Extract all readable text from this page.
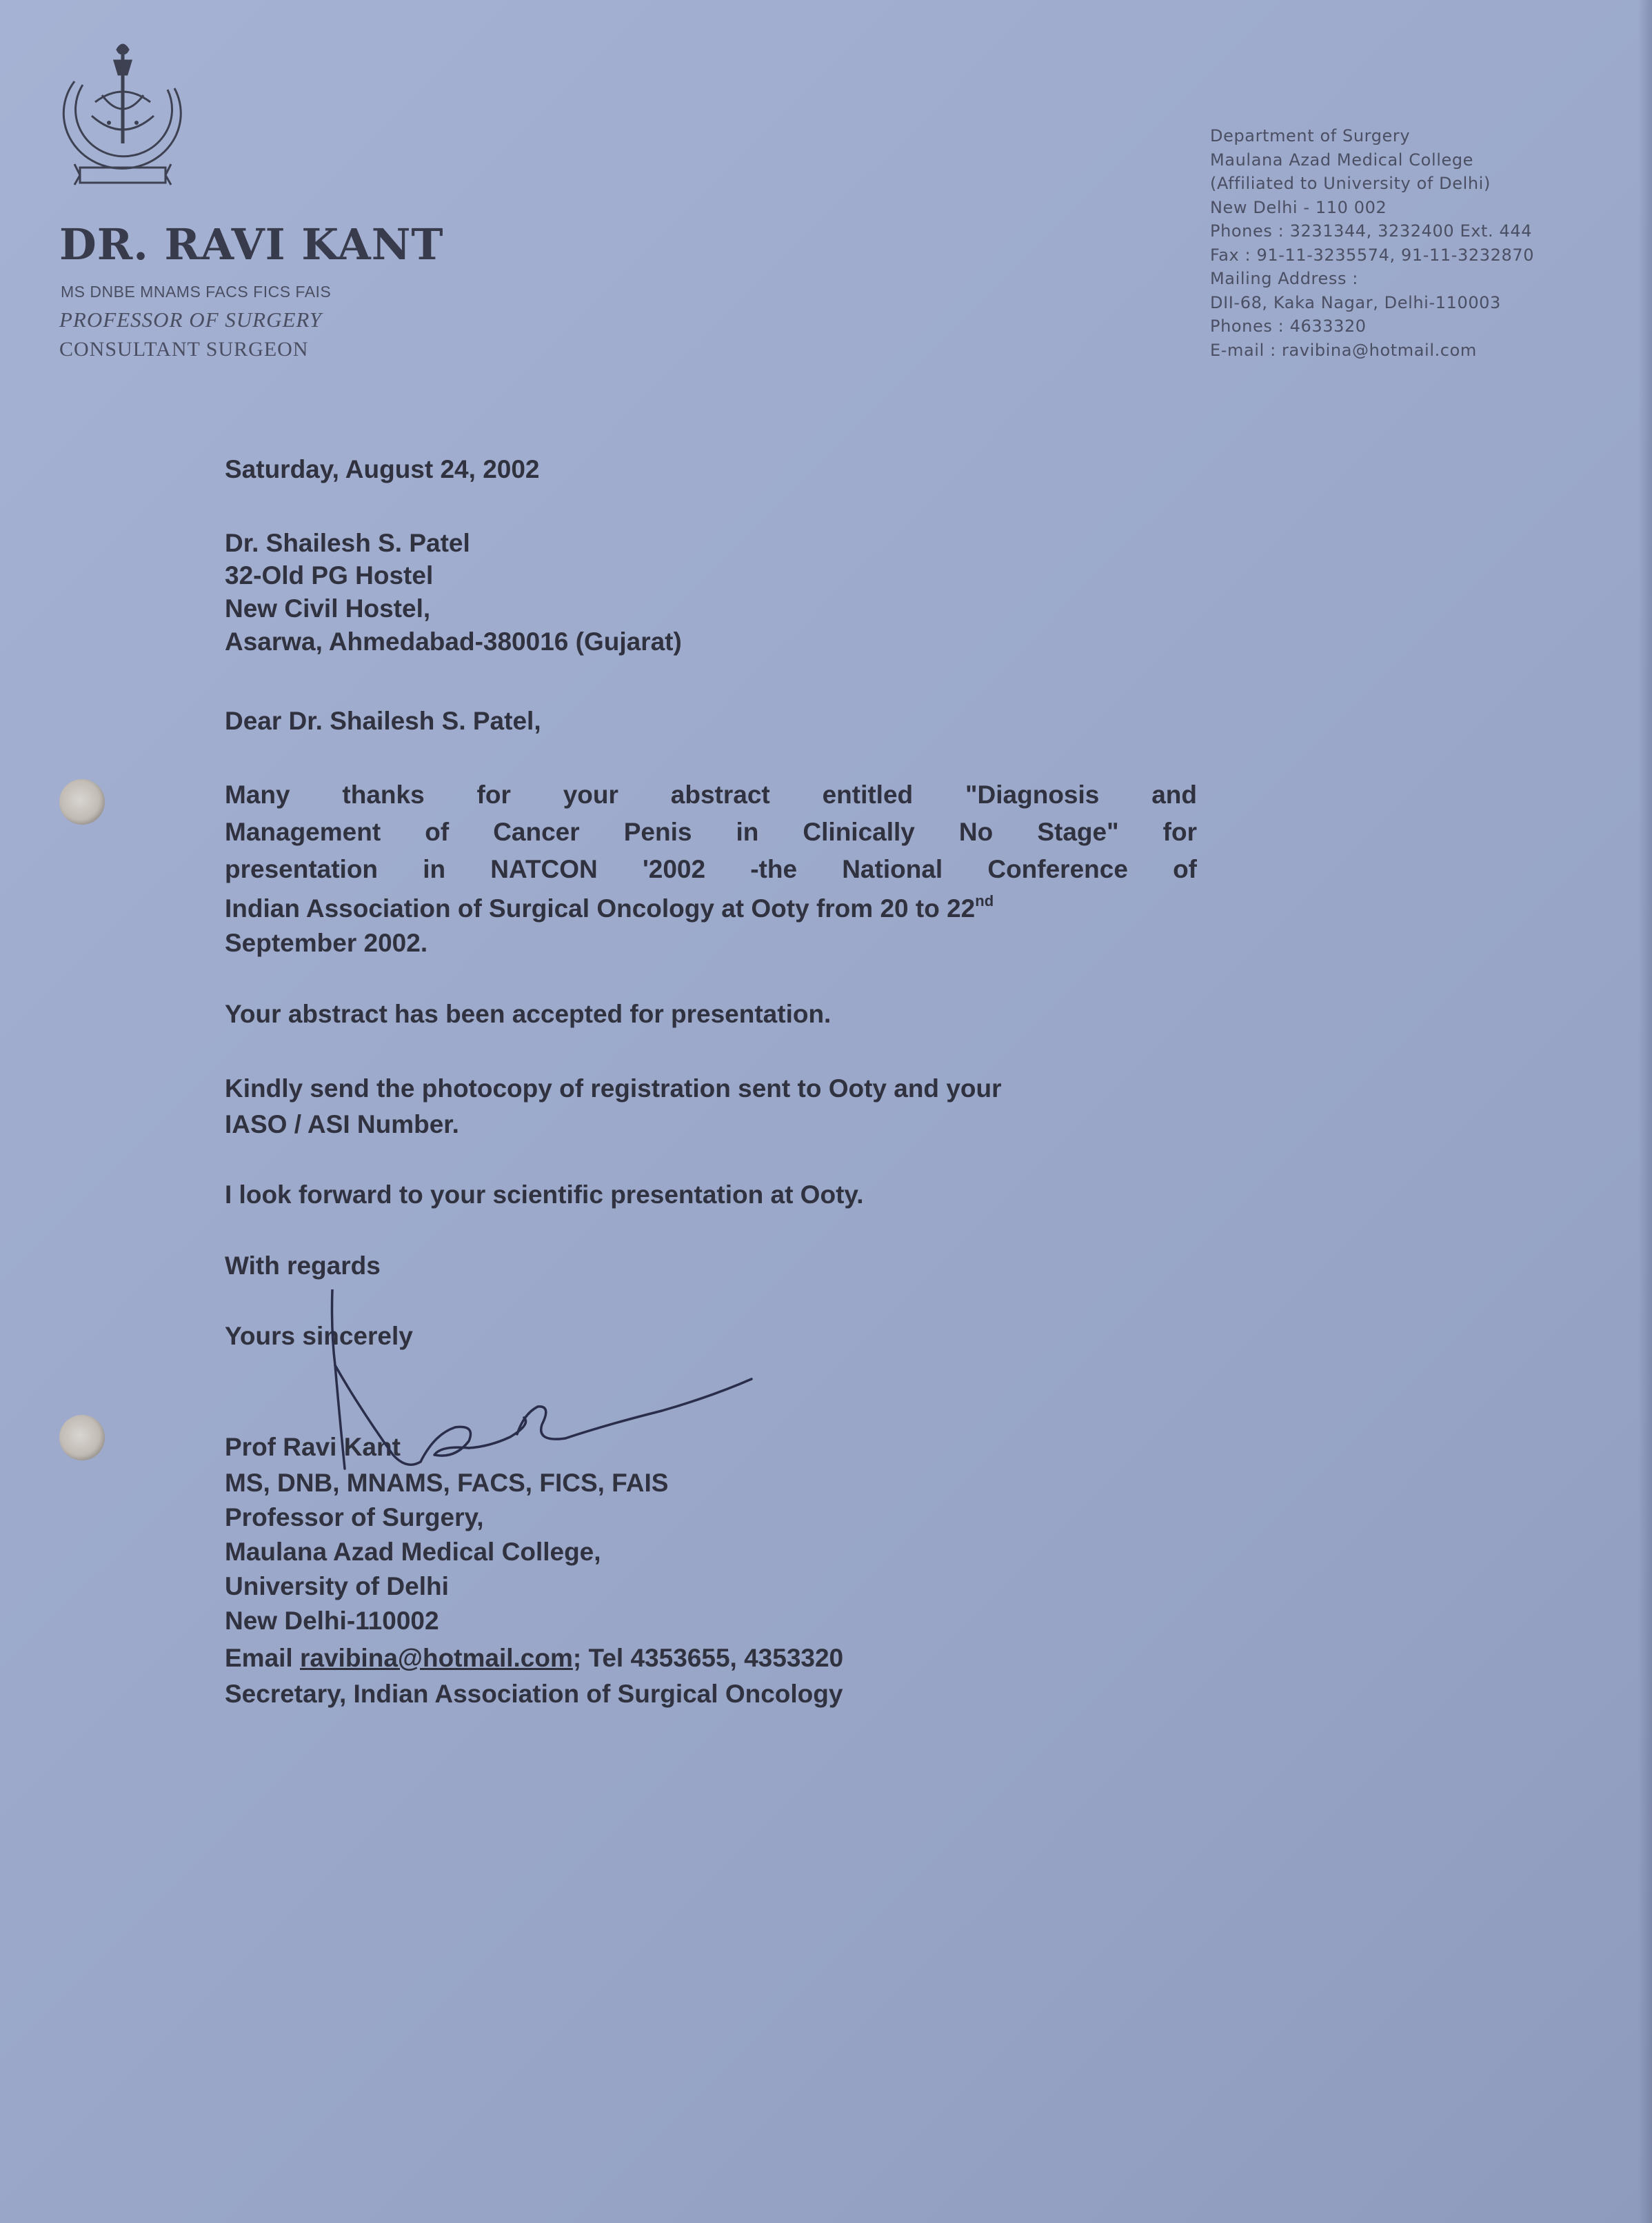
DR. RAVI KANT
MS DNBE MNAMS FACS FICS FAIS
PROFESSOR OF SURGERY
CONSULTANT SURGEON
Department of Surgery
Maulana Azad Medical College
(Affiliated to University of Delhi)
New Delhi - 110 002
Phones : 3231344, 3232400 Ext. 444
Fax : 91-11-3235574, 91-11-3232870
Mailing Address :
DII-68, Kaka Nagar, Delhi-110003
Phones : 4633320
E-mail : ravibina@hotmail.com
Saturday, August 24, 2002
Dr. Shailesh S. Patel
32-Old PG Hostel
New Civil Hostel,
Asarwa, Ahmedabad-380016 (Gujarat)
Dear Dr. Shailesh S. Patel,
Many thanks for your abstract entitled "Diagnosis and
Management of Cancer Penis in Clinically No Stage" for
presentation in NATCON '2002 -the National Conference of
Indian Association of Surgical Oncology at Ooty from 20 to 22nd
September 2002.
Your abstract has been accepted for presentation.
Kindly send the photocopy of registration sent to Ooty and your
IASO / ASI Number.
I look forward to your scientific presentation at Ooty.
With regards
Yours sincerely
Prof Ravi Kant
MS, DNB, MNAMS, FACS, FICS, FAIS
Professor of Surgery,
Maulana Azad Medical College,
University of Delhi
New Delhi-110002
Email ravibina@hotmail.com; Tel 4353655, 4353320
Secretary, Indian Association of Surgical Oncology
